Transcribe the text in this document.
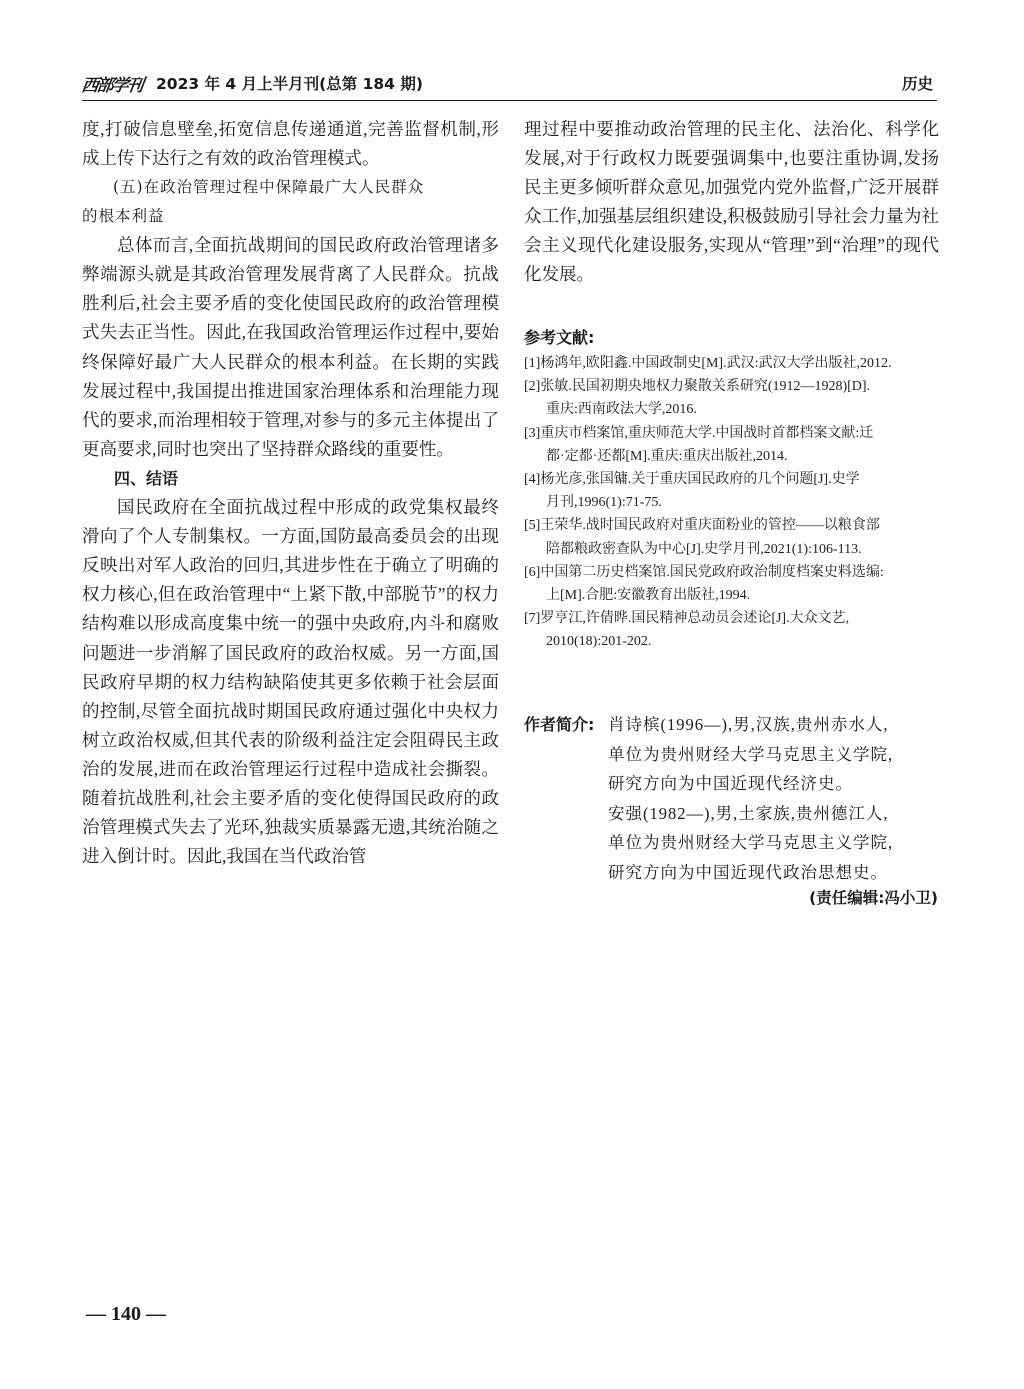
西部学刊 2023 年 4 月上半月刊(总第 184 期)	历史

度,打破信息壁垒,拓宽信息传递通道,完善监督机制,形成上传下达行之有效的政治管理模式。

(五)在政治管理过程中保障最广大人民群众
的根本利益

总体而言,全面抗战期间的国民政府政治管理诸多弊端源头就是其政治管理发展背离了人民群众。抗战胜利后,社会主要矛盾的变化使国民政府的政治管理模式失去正当性。因此,在我国政治管理运作过程中,要始终保障好最广大人民群众的根本利益。在长期的实践发展过程中,我国提出推进国家治理体系和治理能力现代的要求,而治理相较于管理,对参与的多元主体提出了更高要求,同时也突出了坚持群众路线的重要性。

四、结语

国民政府在全面抗战过程中形成的政党集权最终滑向了个人专制集权。一方面,国防最高委员会的出现反映出对军人政治的回归,其进步性在于确立了明确的权力核心,但在政治管理中“上紧下散,中部脱节”的权力结构难以形成高度集中统一的强中央政府,内斗和腐败问题进一步消解了国民政府的政治权威。另一方面,国民政府早期的权力结构缺陷使其更多依赖于社会层面的控制,尽管全面抗战时期国民政府通过强化中央权力树立政治权威,但其代表的阶级利益注定会阻碍民主政治的发展,进而在政治管理运行过程中造成社会撕裂。随着抗战胜利,社会主要矛盾的变化使得国民政府的政治管理模式失去了光环,独裁实质暴露无遗,其统治随之进入倒计时。因此,我国在当代政治管

理过程中要推动政治管理的民主化、法治化、科学化发展,对于行政权力既要强调集中,也要注重协调,发扬民主更多倾听群众意见,加强党内党外监督,广泛开展群众工作,加强基层组织建设,积极鼓励引导社会力量为社会主义现代化建设服务,实现从“管理”到“治理”的现代化发展。

参考文献:
[1]杨鸿年,欧阳鑫.中国政制史[M].武汉:武汉大学出版社,2012.
[2]张敏.民国初期央地权力聚散关系研究(1912—1928)[D].
重庆:西南政法大学,2016.
[3]重庆市档案馆,重庆师范大学.中国战时首都档案文献:迁
都·定都·还都[M].重庆:重庆出版社,2014.
[4]杨光彦,张国镛.关于重庆国民政府的几个问题[J].史学
月刊,1996(1):71-75.
[5]王荣华.战时国民政府对重庆面粉业的管控——以粮食部
陪都粮政密查队为中心[J].史学月刊,2021(1):106-113.
[6]中国第二历史档案馆.国民党政府政治制度档案史料选编:
上[M].合肥:安徽教育出版社,1994.
[7]罗亨江,许倩晔.国民精神总动员会述论[J].大众文艺,
2010(18):201-202.
作者简介: 肖诗槟(1996—),男,汉族,贵州赤水人,

单位为贵州财经大学马克思主义学院,

研究方向为中国近现代经济史。

安强(1982—),男,土家族,贵州德江人,

单位为贵州财经大学马克思主义学院,

研究方向为中国近现代政治思想史。

(责任编辑:冯小卫)
— 140 —
